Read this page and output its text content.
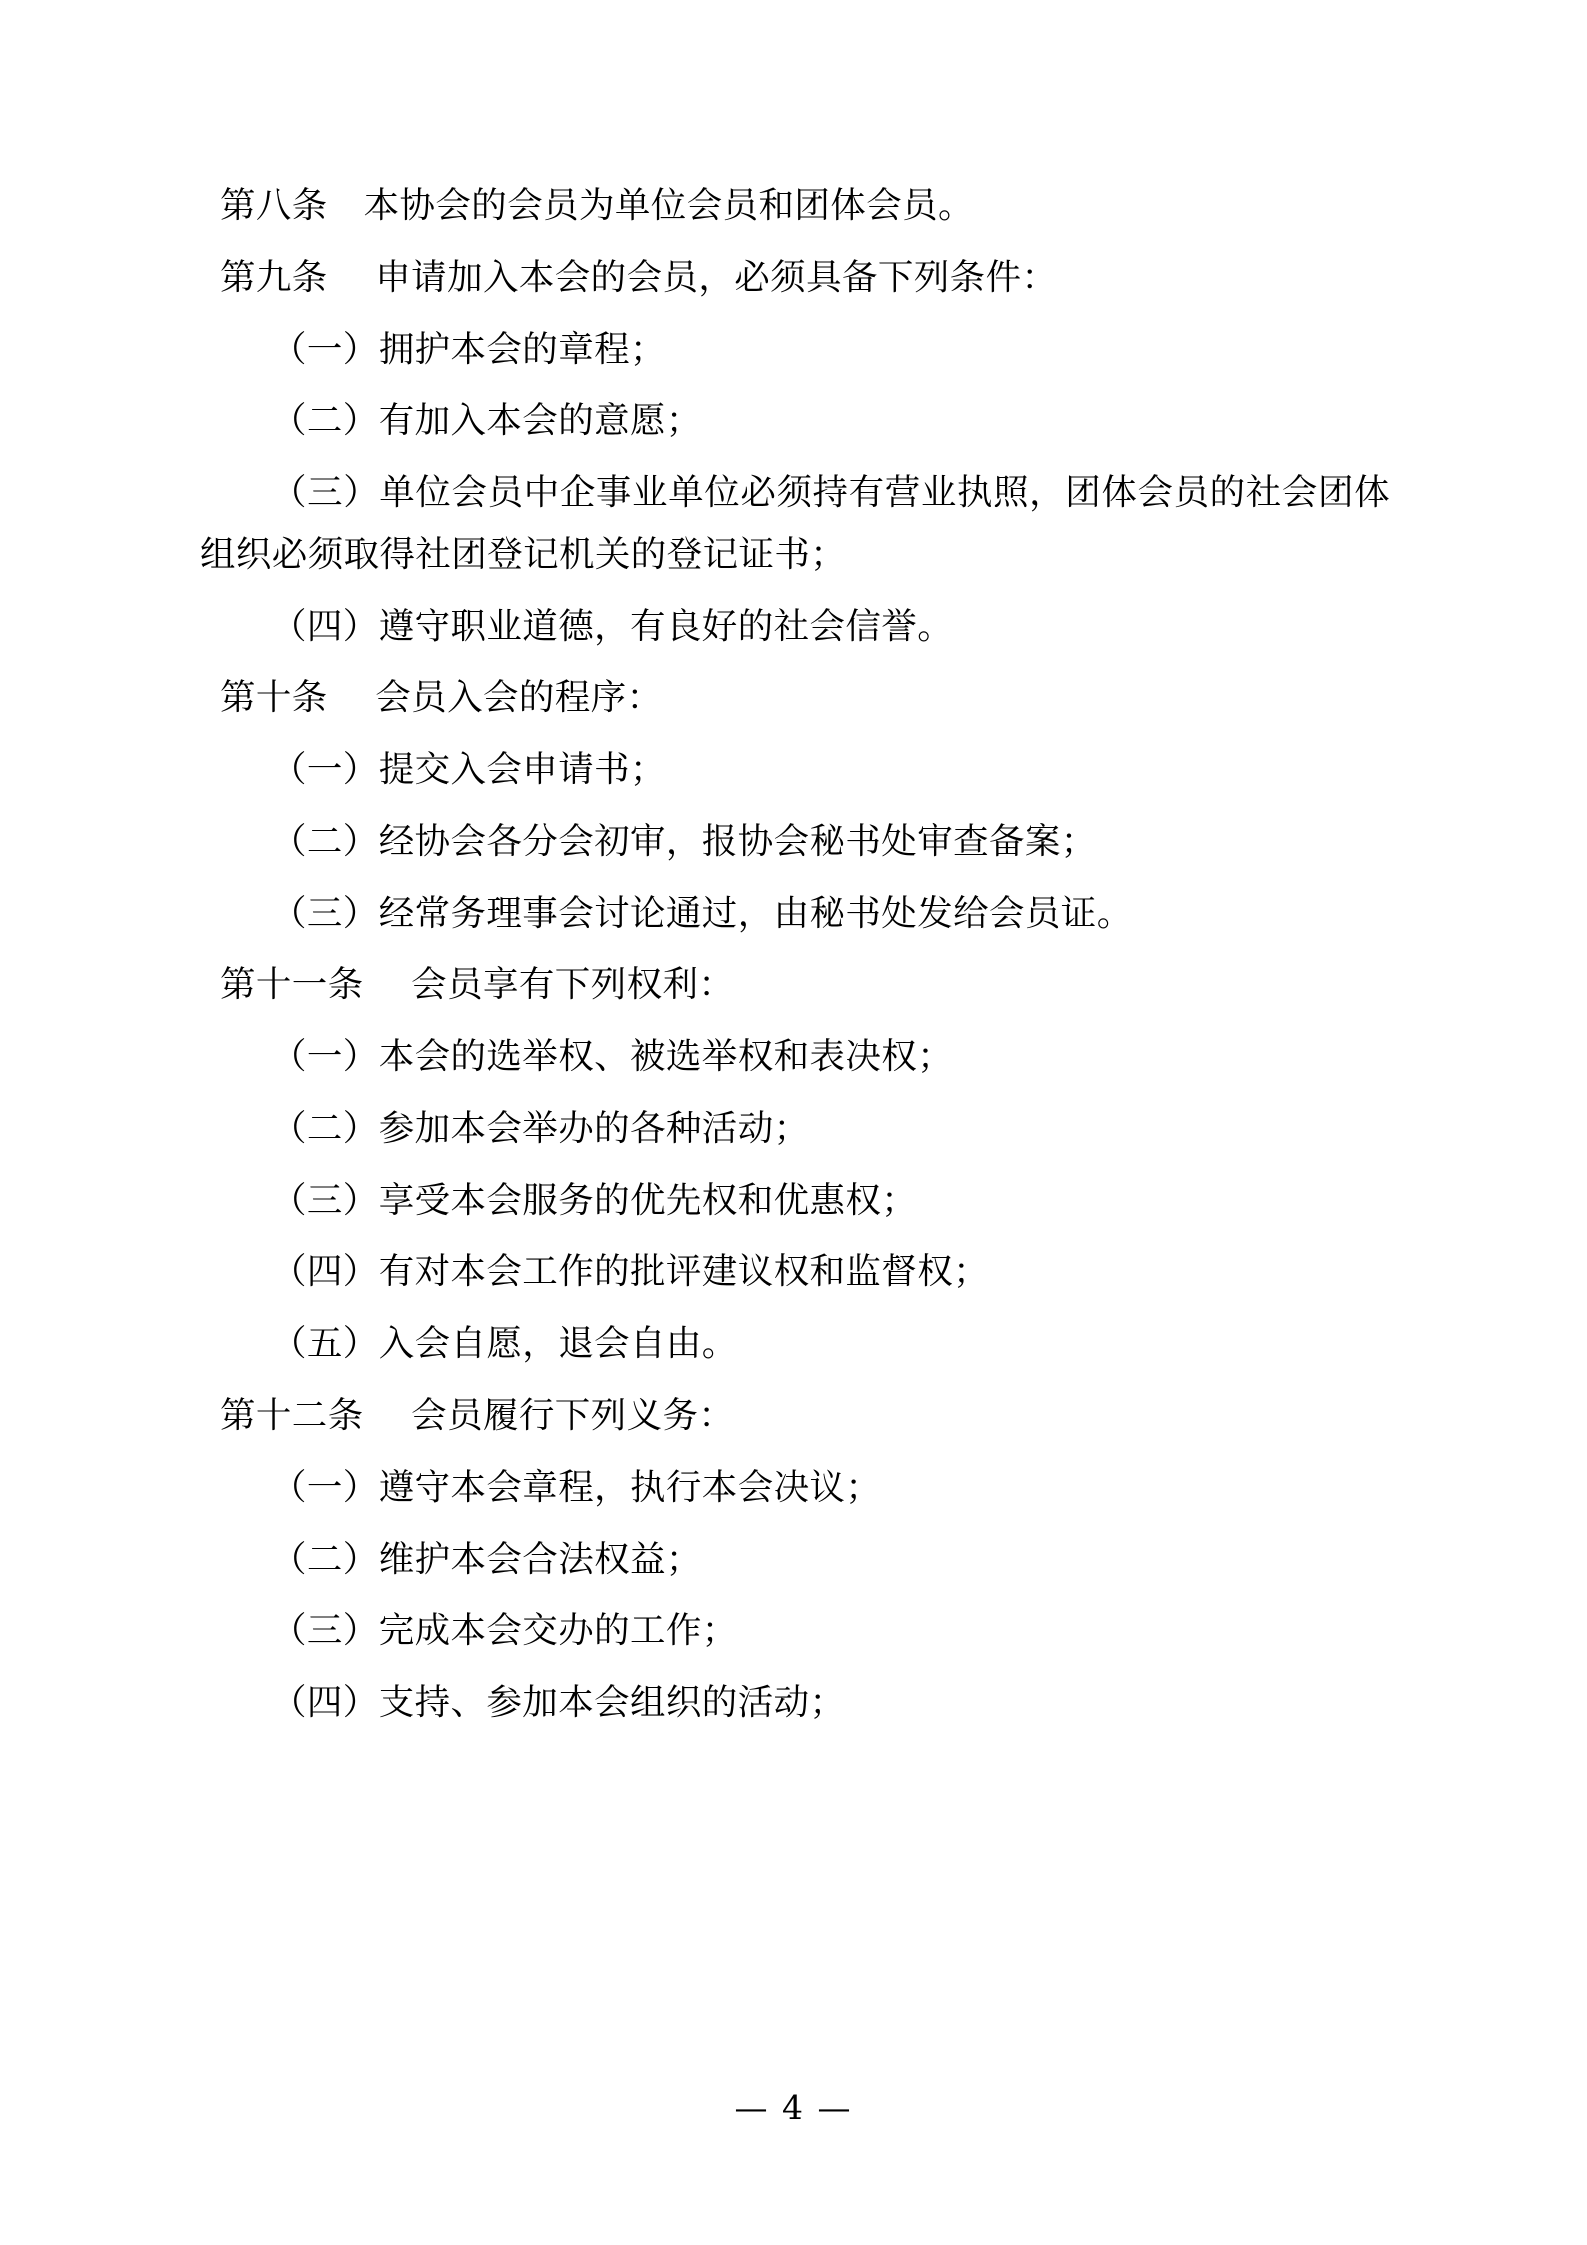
第八条　本协会的会员为单位会员和团体会员。

第九条　 申请加入本会的会员，必须具备下列条件：

（一）拥护本会的章程；

（二）有加入本会的意愿；

（三）单位会员中企事业单位必须持有营业执照，团体会员的社会团体组织必须取得社团登记机关的登记证书；

（四）遵守职业道德，有良好的社会信誉。

第十条　 会员入会的程序：

（一）提交入会申请书；

（二）经协会各分会初审，报协会秘书处审查备案；

（三）经常务理事会讨论通过，由秘书处发给会员证。

第十一条　 会员享有下列权利：

（一）本会的选举权、被选举权和表决权；

（二）参加本会举办的各种活动；

（三）享受本会服务的优先权和优惠权；

（四）有对本会工作的批评建议权和监督权；

（五）入会自愿，退会自由。

第十二条　 会员履行下列义务：

（一）遵守本会章程，执行本会决议；

（二）维护本会合法权益；

（三）完成本会交办的工作；

（四）支持、参加本会组织的活动；

— 4 —
